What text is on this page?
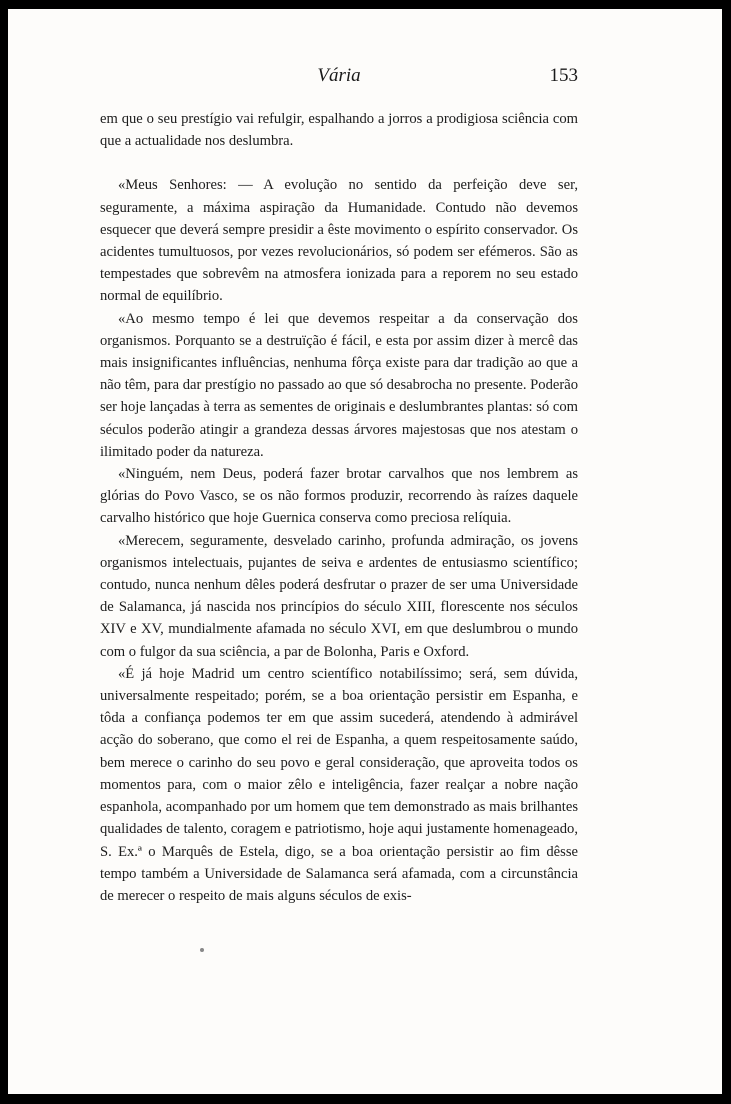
Vária	153

em que o seu prestígio vai refulgir, espalhando a jorros a prodigiosa sciência com que a actualidade nos deslumbra.

«Meus Senhores: — A evolução no sentido da perfeição deve ser, seguramente, a máxima aspiração da Humanidade. Contudo não devemos esquecer que deverá sempre presidir a êste movimento o espírito conservador. Os acidentes tumultuosos, por vezes revolucionários, só podem ser efémeros. São as tempestades que sobrevêm na atmosfera ionizada para a reporem no seu estado normal de equilíbrio.

«Ao mesmo tempo é lei que devemos respeitar a da conservação dos organismos. Porquanto se a destruïção é fácil, e esta por assim dizer à mercê das mais insignificantes influências, nenhuma fôrça existe para dar tradição ao que a não têm, para dar prestígio no passado ao que só desabrocha no presente. Poderão ser hoje lançadas à terra as sementes de originais e deslumbrantes plantas: só com séculos poderão atingir a grandeza dessas árvores majestosas que nos atestam o ilimitado poder da natureza.

«Ninguém, nem Deus, poderá fazer brotar carvalhos que nos lembrem as glórias do Povo Vasco, se os não formos produzir, recorrendo às raízes daquele carvalho histórico que hoje Guernica conserva como preciosa relíquia.

«Merecem, seguramente, desvelado carinho, profunda admiração, os jovens organismos intelectuais, pujantes de seiva e ardentes de entusiasmo scientífico; contudo, nunca nenhum dêles poderá desfrutar o prazer de ser uma Universidade de Salamanca, já nascida nos princípios do século XIII, florescente nos séculos XIV e XV, mundialmente afamada no século XVI, em que deslumbrou o mundo com o fulgor da sua sciência, a par de Bolonha, Paris e Oxford.

«É já hoje Madrid um centro scientífico notabilíssimo; será, sem dúvida, universalmente respeitado; porém, se a boa orientação persistir em Espanha, e tôda a confiança podemos ter em que assim sucederá, atendendo à admirável acção do soberano, que como el rei de Espanha, a quem respeitosamente saúdo, bem merece o carinho do seu povo e geral consideração, que aproveita todos os momentos para, com o maior zêlo e inteligência, fazer realçar a nobre nação espanhola, acompanhado por um homem que tem demonstrado as mais brilhantes qualidades de talento, coragem e patriotismo, hoje aqui justamente homenageado, S. Ex.ª o Marquês de Estela, digo, se a boa orientação persistir ao fim dêsse tempo também a Universidade de Salamanca será afamada, com a circunstância de merecer o respeito de mais alguns séculos de exis-
